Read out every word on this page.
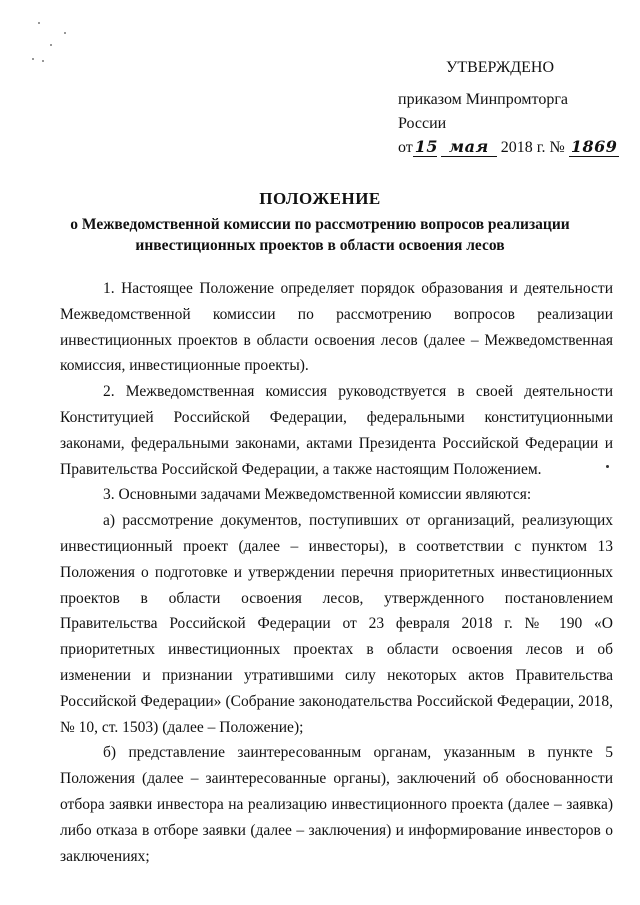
УТВЕРЖДЕНО
приказом Минпромторга России
от 15 мая 2018 г. № 1869
ПОЛОЖЕНИЕ
о Межведомственной комиссии по рассмотрению вопросов реализации инвестиционных проектов в области освоения лесов

1. Настоящее Положение определяет порядок образования и деятельности Межведомственной комиссии по рассмотрению вопросов реализации инвестиционных проектов в области освоения лесов (далее – Межведомственная комиссия, инвестиционные проекты).

2. Межведомственная комиссия руководствуется в своей деятельности Конституцией Российской Федерации, федеральными конституционными законами, федеральными законами, актами Президента Российской Федерации и Правительства Российской Федерации, а также настоящим Положением.

3. Основными задачами Межведомственной комиссии являются:

а) рассмотрение документов, поступивших от организаций, реализующих инвестиционный проект (далее – инвесторы), в соответствии с пунктом 13 Положения о подготовке и утверждении перечня приоритетных инвестиционных проектов в области освоения лесов, утвержденного постановлением Правительства Российской Федерации от 23 февраля 2018 г. № 190 «О приоритетных инвестиционных проектах в области освоения лесов и об изменении и признании утратившими силу некоторых актов Правительства Российской Федерации» (Собрание законодательства Российской Федерации, 2018, № 10, ст. 1503) (далее – Положение);

б) представление заинтересованным органам, указанным в пункте 5 Положения (далее – заинтересованные органы), заключений об обоснованности отбора заявки инвестора на реализацию инвестиционного проекта (далее – заявка) либо отказа в отборе заявки (далее – заключения) и информирование инвесторов о заключениях;
